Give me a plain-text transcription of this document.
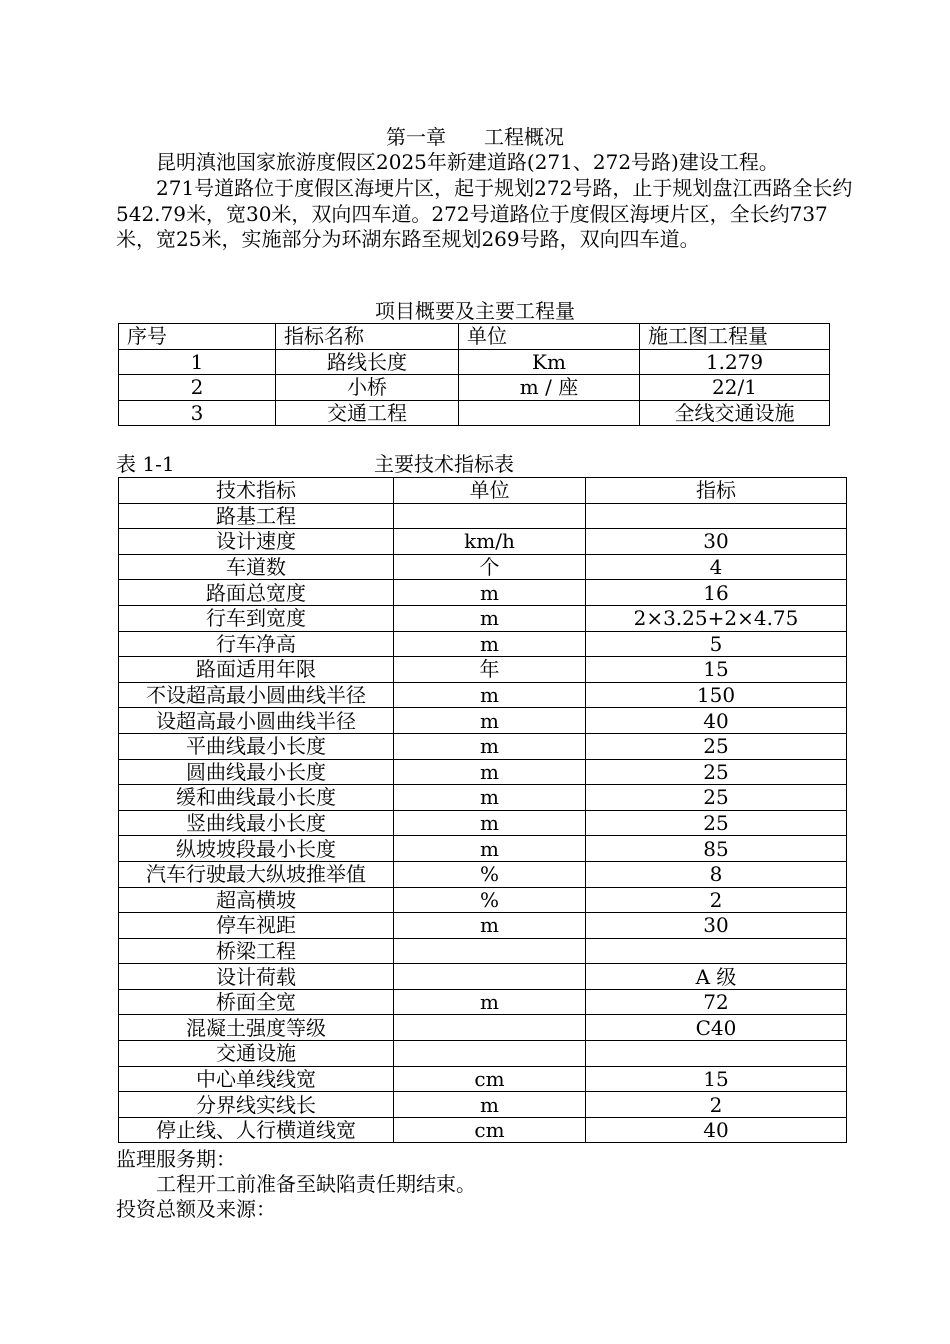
第一章 工程概况

昆明滇池国家旅游度假区2025年新建道路(271、272号路)建设工程。

271号道路位于度假区海埂片区，起于规划272号路，止于规划盘江西路全长约542.79米，宽30米，双向四车道。272号道路位于度假区海埂片区，全长约737米，宽25米，实施部分为环湖东路至规划269号路，双向四车道。

项目概要及主要工程量
序号	指标名称	单位	施工图工程量
1	路线长度	Km	1.279
2	小桥	m / 座	22/1
3	交通工程		全线交通设施
表 1-1	主要技术指标表
技术指标	单位	指标
路基工程		
设计速度	km/h	30
车道数	个	4
路面总宽度	m	16
行车到宽度	m	2×3.25+2×4.75
行车净高	m	5
路面适用年限	年	15
不设超高最小圆曲线半径	m	150
设超高最小圆曲线半径	m	40
平曲线最小长度	m	25
圆曲线最小长度	m	25
缓和曲线最小长度	m	25
竖曲线最小长度	m	25
纵坡坡段最小长度	m	85
汽车行驶最大纵坡推举值	%	8
超高横坡	%	2
停车视距	m	30
桥梁工程		
设计荷载		A 级
桥面全宽	m	72
混凝土强度等级		C40
交通设施		
中心单线线宽	cm	15
分界线实线长	m	2
停止线、人行横道线宽	cm	40
监理服务期：
工程开工前准备至缺陷责任期结束。
投资总额及来源：
